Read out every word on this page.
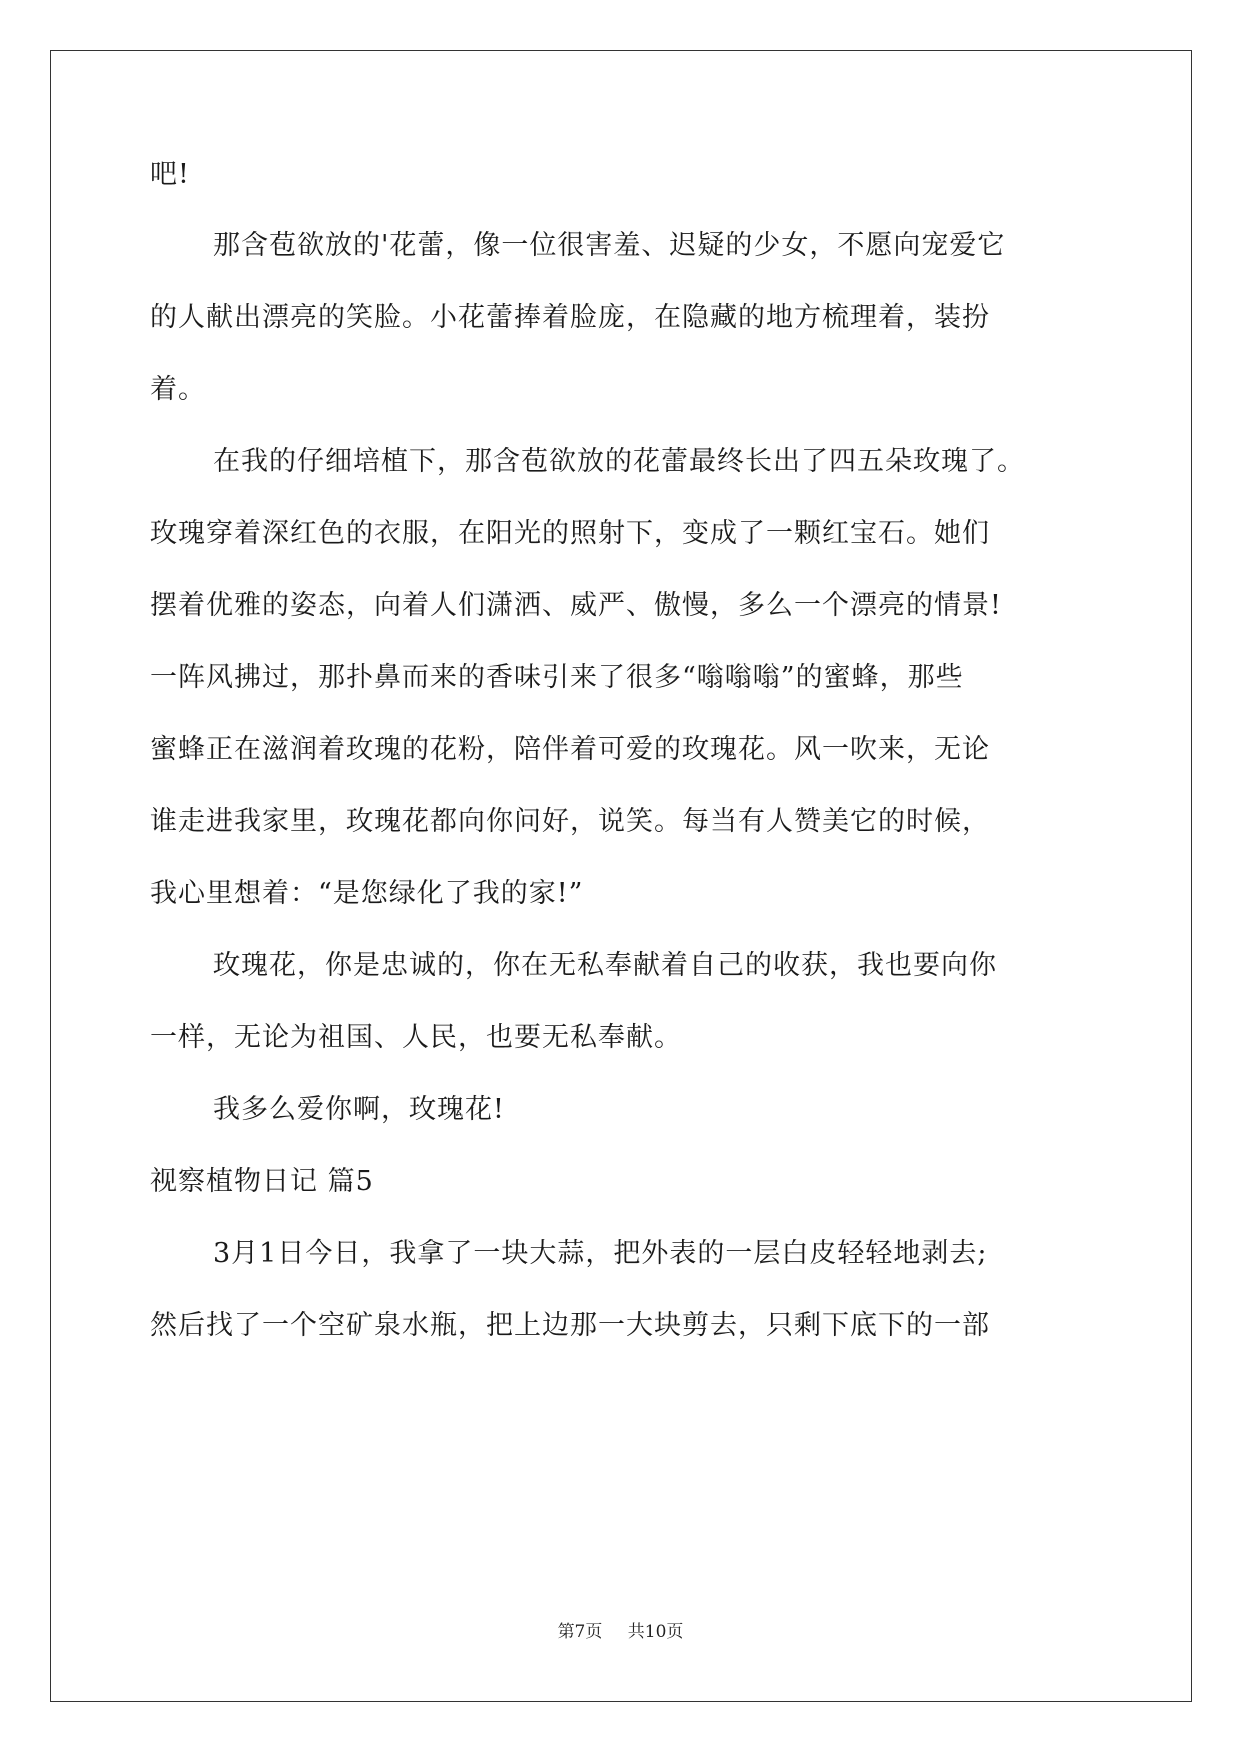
吧!
那含苞欲放的'花蕾，像一位很害羞、迟疑的少女，不愿向宠爱它
的人献出漂亮的笑脸。小花蕾捧着脸庞，在隐藏的地方梳理着，装扮
着。
在我的仔细培植下，那含苞欲放的花蕾最终长出了四五朵玫瑰了。
玫瑰穿着深红色的衣服，在阳光的照射下，变成了一颗红宝石。她们
摆着优雅的姿态，向着人们潇洒、威严、傲慢，多么一个漂亮的情景!
一阵风拂过，那扑鼻而来的香味引来了很多“嗡嗡嗡”的蜜蜂，那些
蜜蜂正在滋润着玫瑰的花粉，陪伴着可爱的玫瑰花。风一吹来，无论
谁走进我家里，玫瑰花都向你问好，说笑。每当有人赞美它的时候，
我心里想着：“是您绿化了我的家!”
玫瑰花，你是忠诚的，你在无私奉献着自己的收获，我也要向你
一样，无论为祖国、人民，也要无私奉献。
我多么爱你啊，玫瑰花!
视察植物日记 篇5
3月1日今日，我拿了一块大蒜，把外表的一层白皮轻轻地剥去;
然后找了一个空矿泉水瓶，把上边那一大块剪去，只剩下底下的一部
第7页 共10页
